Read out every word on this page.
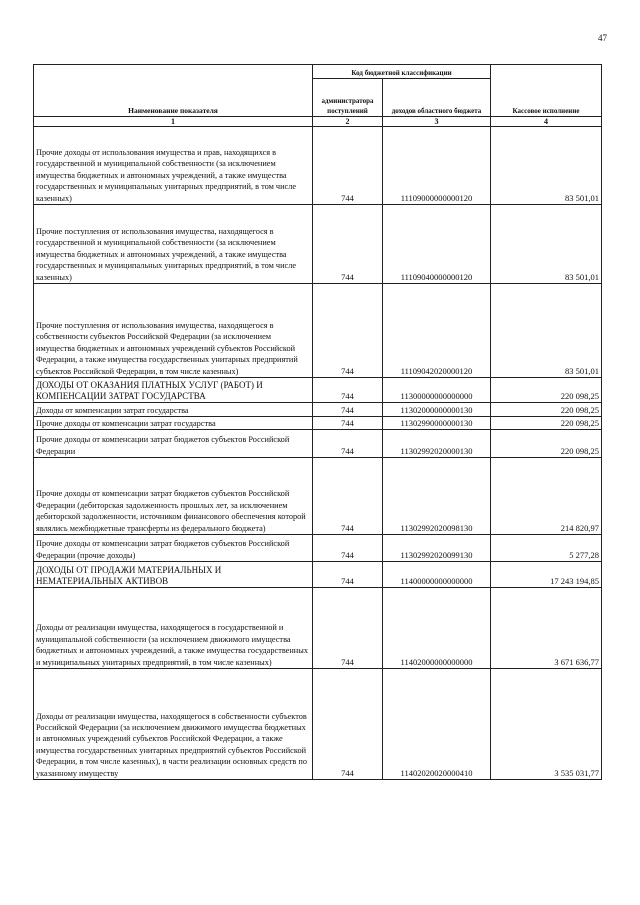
47
Наименование показателя	Код бюджетной классификации		Кассовое исполнение
	администратора поступлений	доходов областного бюджета	
1	2	3	4
Прочие доходы от использования имущества и прав, находящихся в государственной и муниципальной собственности (за исключением имущества бюджетных и автономных учреждений, а также имущества государственных и муниципальных унитарных предприятий, в том числе казенных)	744	11109000000000120	83 501,01
Прочие поступления от использования имущества, находящегося в государственной и муниципальной собственности (за исключением имущества бюджетных и автономных учреждений, а также имущества государственных и муниципальных унитарных предприятий, в том числе казенных)	744	11109040000000120	83 501,01
Прочие поступления от использования имущества, находящегося в собственности субъектов Российской Федерации (за исключением имущества бюджетных и автономных учреждений субъектов Российской Федерации, а также имущества государственных унитарных предприятий субъектов Российской Федерации, в том числе казенных)	744	11109042020000120	83 501,01
ДОХОДЫ ОТ ОКАЗАНИЯ ПЛАТНЫХ УСЛУГ (РАБОТ) И КОМПЕНСАЦИИ ЗАТРАТ ГОСУДАРСТВА	744	11300000000000000	220 098,25
Доходы от компенсации затрат государства	744	11302000000000130	220 098,25
Прочие доходы от компенсации затрат государства	744	11302990000000130	220 098,25
Прочие доходы от компенсации затрат бюджетов субъектов Российской Федерации	744	11302992020000130	220 098,25
Прочие доходы от компенсации затрат бюджетов субъектов Российской Федерации (дебиторская задолженность прошлых лет, за исключением дебиторской задолженности, источником финансового обеспечения которой являлись межбюджетные трансферты из федерального бюджета)	744	11302992020098130	214 820,97
Прочие доходы от компенсации затрат бюджетов субъектов Российской Федерации (прочие доходы)	744	11302992020099130	5 277,28
ДОХОДЫ ОТ ПРОДАЖИ МАТЕРИАЛЬНЫХ И НЕМАТЕРИАЛЬНЫХ АКТИВОВ	744	11400000000000000	17 243 194,85
Доходы от реализации имущества, находящегося в государственной и муниципальной собственности (за исключением движимого имущества бюджетных и автономных учреждений, а также имущества государственных и муниципальных унитарных предприятий, в том числе казенных)	744	11402000000000000	3 671 636,77
Доходы от реализации имущества, находящегося в собственности субъектов Российской Федерации (за исключением движимого имущества бюджетных и автономных учреждений субъектов Российской Федерации, а также имущества государственных унитарных предприятий субъектов Российской Федерации, в том числе казенных), в части реализации основных средств по указанному имуществу	744	11402020020000410	3 535 031,77
